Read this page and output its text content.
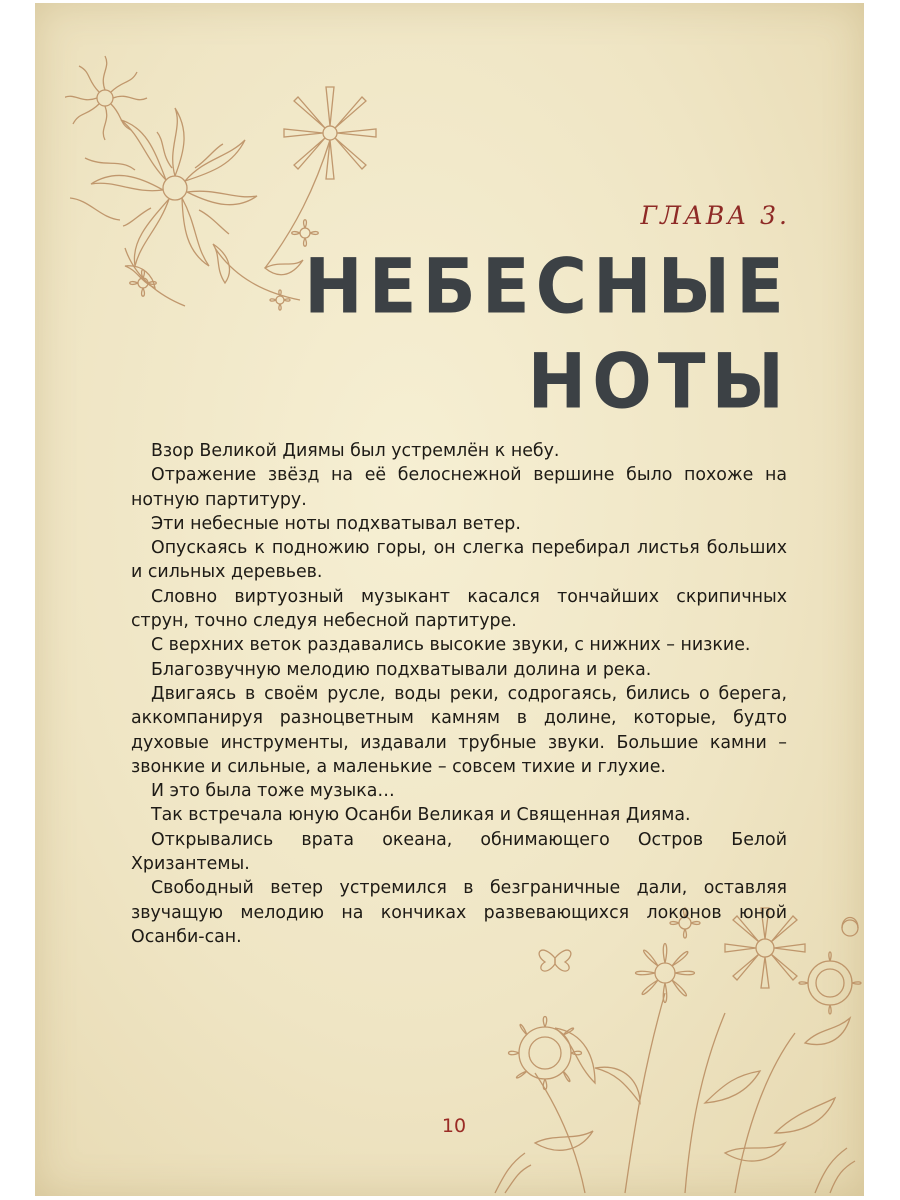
ГЛАВА 3.
НЕБЕСНЫЕ
НОТЫ

Взор Великой Диямы был устремлён к небу.

Отражение звёзд на её белоснежной вершине было похоже на нотную партитуру.

Эти небесные ноты подхватывал ветер.

Опускаясь к подножию горы, он слегка перебирал листья больших и сильных деревьев.

Словно виртуозный музыкант касался тончайших скрипичных струн, точно следуя небесной партитуре.

С верхних веток раздавались высокие звуки, с нижних – низкие.

Благозвучную мелодию подхватывали долина и река.

Двигаясь в своём русле, воды реки, содрогаясь, бились о берега, аккомпанируя разноцветным камням в долине, которые, будто духовые инструменты, издавали трубные звуки. Большие камни – звонкие и сильные, а маленькие – совсем тихие и глухие.

И это была тоже музыка…

Так встречала юную Осанби Великая и Священная Дияма.

Открывались врата океана, обнимающего Остров Белой Хризантемы.

Свободный ветер устремился в безграничные дали, оставляя звучащую мелодию на кончиках развевающихся локонов юной Осанби-сан.

10
